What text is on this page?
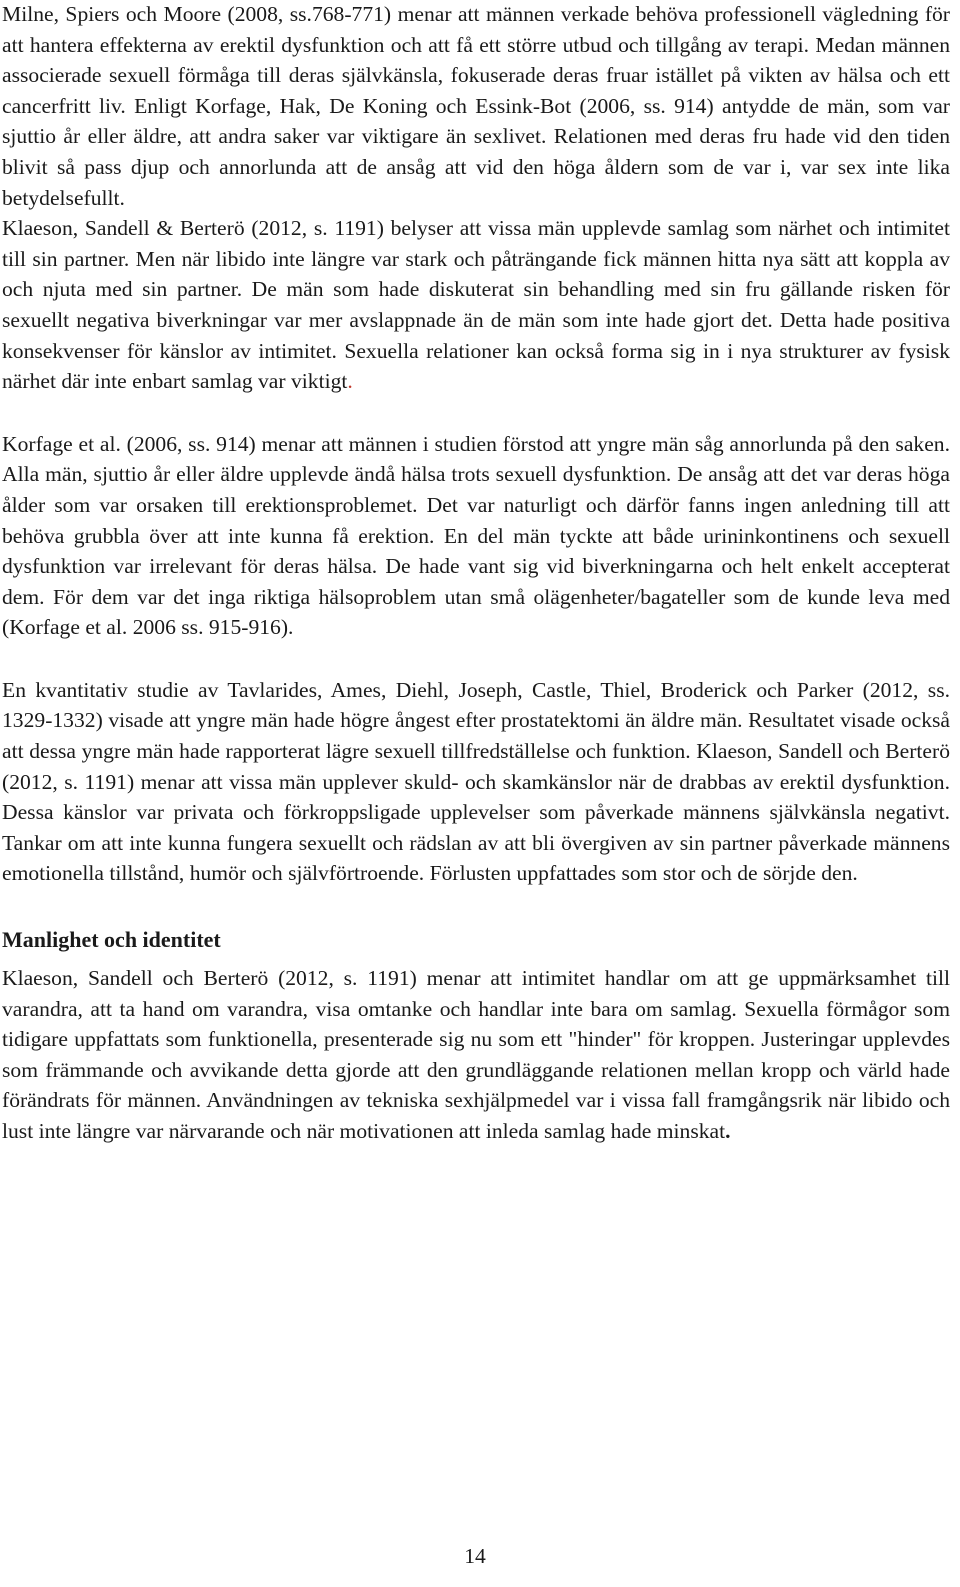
Milne, Spiers och Moore (2008, ss.768-771) menar att männen verkade behöva professionell vägledning för att hantera effekterna av erektil dysfunktion och att få ett större utbud och tillgång av terapi. Medan männen associerade sexuell förmåga till deras självkänsla, fokuserade deras fruar istället på vikten av hälsa och ett cancerfritt liv. Enligt Korfage, Hak, De Koning och Essink-Bot (2006, ss. 914) antydde de män, som var sjuttio år eller äldre, att andra saker var viktigare än sexlivet. Relationen med deras fru hade vid den tiden blivit så pass djup och annorlunda att de ansåg att vid den höga åldern som de var i, var sex inte lika betydelsefullt.

Klaeson, Sandell & Berterö (2012, s. 1191) belyser att vissa män upplevde samlag som närhet och intimitet till sin partner. Men när libido inte längre var stark och påträngande fick männen hitta nya sätt att koppla av och njuta med sin partner. De män som hade diskuterat sin behandling med sin fru gällande risken för sexuellt negativa biverkningar var mer avslappnade än de män som inte hade gjort det. Detta hade positiva konsekvenser för känslor av intimitet. Sexuella relationer kan också forma sig in i nya strukturer av fysisk närhet där inte enbart samlag var viktigt.

Korfage et al. (2006, ss. 914) menar att männen i studien förstod att yngre män såg annorlunda på den saken. Alla män, sjuttio år eller äldre upplevde ändå hälsa trots sexuell dysfunktion. De ansåg att det var deras höga ålder som var orsaken till erektionsproblemet. Det var naturligt och därför fanns ingen anledning till att behöva grubbla över att inte kunna få erektion. En del män tyckte att både urininkontinens och sexuell dysfunktion var irrelevant för deras hälsa. De hade vant sig vid biverkningarna och helt enkelt accepterat dem. För dem var det inga riktiga hälsoproblem utan små olägenheter/bagateller som de kunde leva med (Korfage et al. 2006 ss. 915-916).

En kvantitativ studie av Tavlarides, Ames, Diehl, Joseph, Castle, Thiel, Broderick och Parker (2012, ss. 1329-1332) visade att yngre män hade högre ångest efter prostatektomi än äldre män. Resultatet visade också att dessa yngre män hade rapporterat lägre sexuell tillfredställelse och funktion. Klaeson, Sandell och Berterö (2012, s. 1191) menar att vissa män upplever skuld- och skamkänslor när de drabbas av erektil dysfunktion. Dessa känslor var privata och förkroppsligade upplevelser som påverkade männens självkänsla negativt. Tankar om att inte kunna fungera sexuellt och rädslan av att bli övergiven av sin partner påverkade männens emotionella tillstånd, humör och självförtroende. Förlusten uppfattades som stor och de sörjde den.

Manlighet och identitet

Klaeson, Sandell och Berterö (2012, s. 1191) menar att intimitet handlar om att ge uppmärksamhet till varandra, att ta hand om varandra, visa omtanke och handlar inte bara om samlag. Sexuella förmågor som tidigare uppfattats som funktionella, presenterade sig nu som ett "hinder" för kroppen. Justeringar upplevdes som främmande och avvikande detta gjorde att den grundläggande relationen mellan kropp och värld hade förändrats för männen. Användningen av tekniska sexhjälpmedel var i vissa fall framgångsrik när libido och lust inte längre var närvarande och när motivationen att inleda samlag hade minskat.

14
